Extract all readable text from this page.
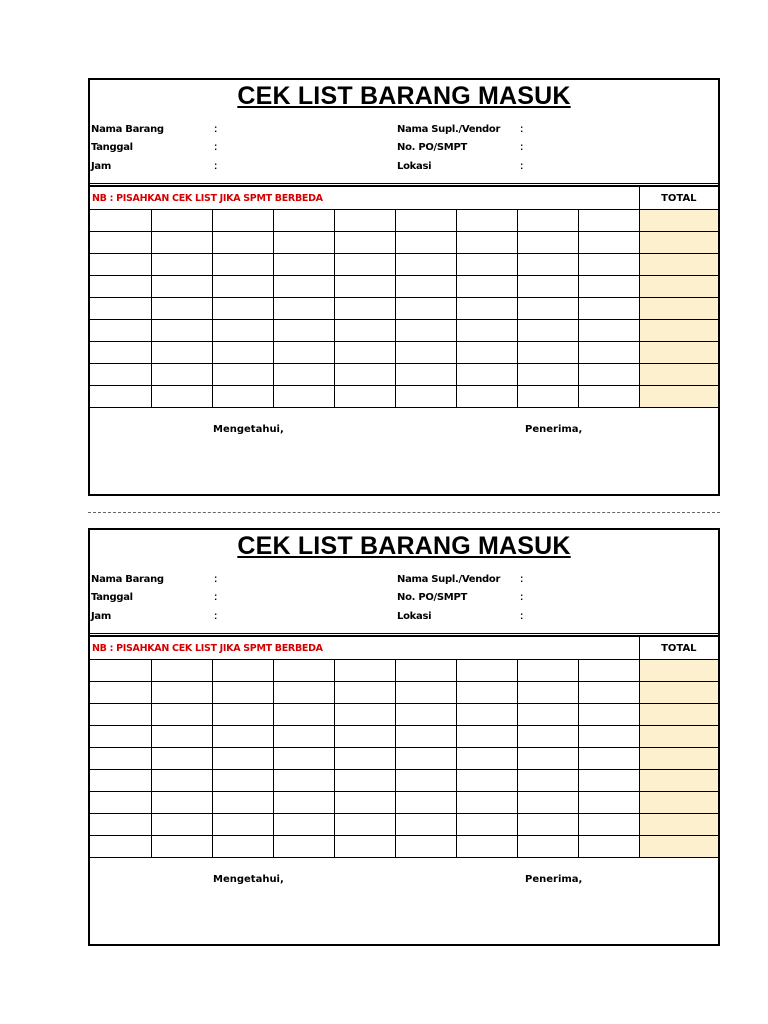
CEK LIST BARANG MASUK
Nama Barang	:	Nama Supl./Vendor :
Tanggal	:	No. PO/SMPT	:
Jam	:	Lokasi	:
NB : PISAHKAN CEK LIST JIKA SPMT BERBEDA									TOTAL

Mengetahui,	Penerima,
CEK LIST BARANG MASUK
Nama Barang	:	Nama Supl./Vendor :
Tanggal	:	No. PO/SMPT	:
Jam	:	Lokasi	:
NB : PISAHKAN CEK LIST JIKA SPMT BERBEDA									TOTAL

Mengetahui,	Penerima,
